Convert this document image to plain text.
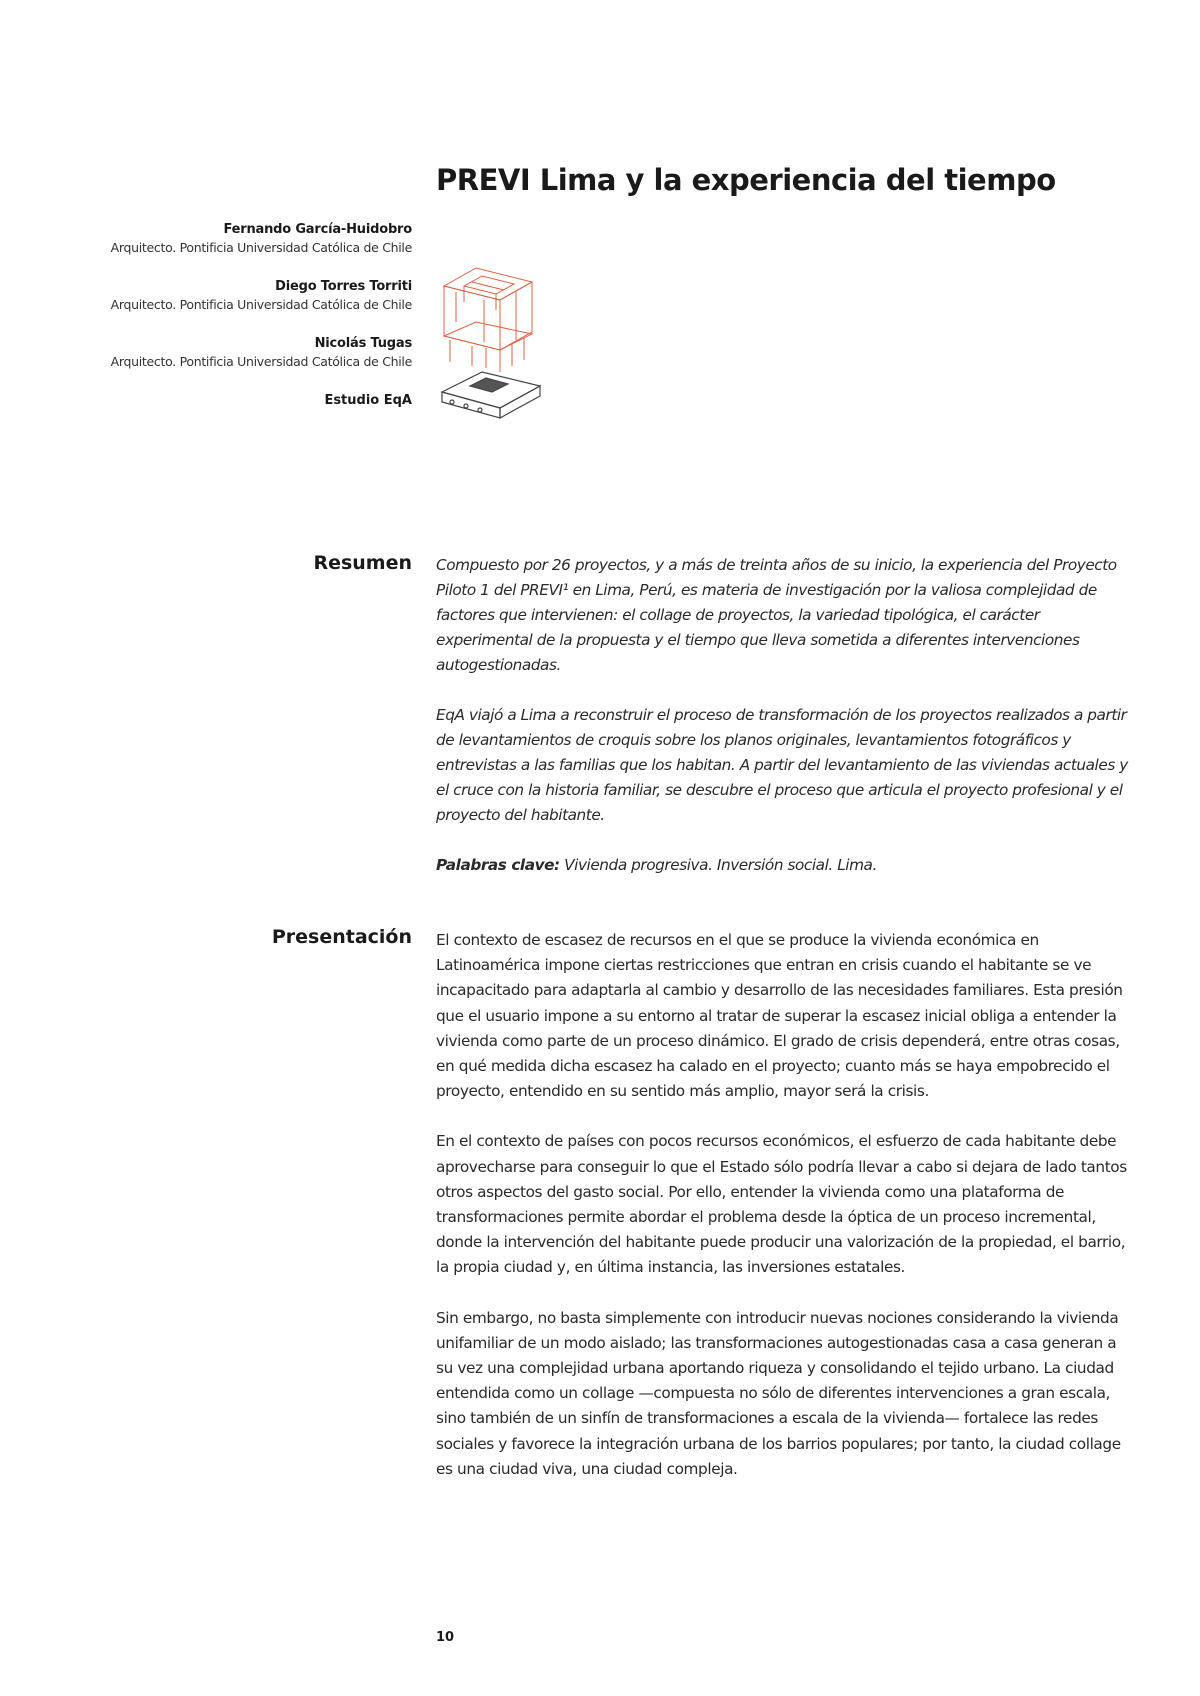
PREVI Lima y la experiencia del tiempo
Fernando García-Huidobro
Arquitecto. Pontificia Universidad Católica de Chile
Diego Torres Torriti
Arquitecto. Pontificia Universidad Católica de Chile
Nicolás Tugas
Arquitecto. Pontificia Universidad Católica de Chile
Estudio EqA
Resumen Compuesto por 26 proyectos, y a más de treinta años de su inicio, la experiencia del Proyecto Piloto 1 del PREVI¹ en Lima, Perú, es materia de investigación por la valiosa complejidad de factores que intervienen: el collage de proyectos, la variedad tipológica, el carácter experimental de la propuesta y el tiempo que lleva sometida a diferentes intervenciones autogestionadas.

EqA viajó a Lima a reconstruir el proceso de transformación de los proyectos realizados a partir de levantamientos de croquis sobre los planos originales, levantamientos fotográficos y entrevistas a las familias que los habitan. A partir del levantamiento de las viviendas actuales y el cruce con la historia familiar, se descubre el proceso que articula el proyecto profesional y el proyecto del habitante.

Palabras clave: Vivienda progresiva. Inversión social. Lima.

Presentación El contexto de escasez de recursos en el que se produce la vivienda económica en Latinoamérica impone ciertas restricciones que entran en crisis cuando el habitante se ve incapacitado para adaptarla al cambio y desarrollo de las necesidades familiares. Esta presión que el usuario impone a su entorno al tratar de superar la escasez inicial obliga a entender la vivienda como parte de un proceso dinámico. El grado de crisis dependerá, entre otras cosas, en qué medida dicha escasez ha calado en el proyecto; cuanto más se haya empobrecido el proyecto, entendido en su sentido más amplio, mayor será la crisis.

En el contexto de países con pocos recursos económicos, el esfuerzo de cada habitante debe aprovecharse para conseguir lo que el Estado sólo podría llevar a cabo si dejara de lado tantos otros aspectos del gasto social. Por ello, entender la vivienda como una plataforma de transformaciones permite abordar el problema desde la óptica de un proceso incremental, donde la intervención del habitante puede producir una valorización de la propiedad, el barrio, la propia ciudad y, en última instancia, las inversiones estatales.

Sin embargo, no basta simplemente con introducir nuevas nociones considerando la vivienda unifamiliar de un modo aislado; las transformaciones autogestionadas casa a casa generan a su vez una complejidad urbana aportando riqueza y consolidando el tejido urbano. La ciudad entendida como un collage —compuesta no sólo de diferentes intervenciones a gran escala, sino también de un sinfín de transformaciones a escala de la vivienda— fortalece las redes sociales y favorece la integración urbana de los barrios populares; por tanto, la ciudad collage es una ciudad viva, una ciudad compleja.

10
